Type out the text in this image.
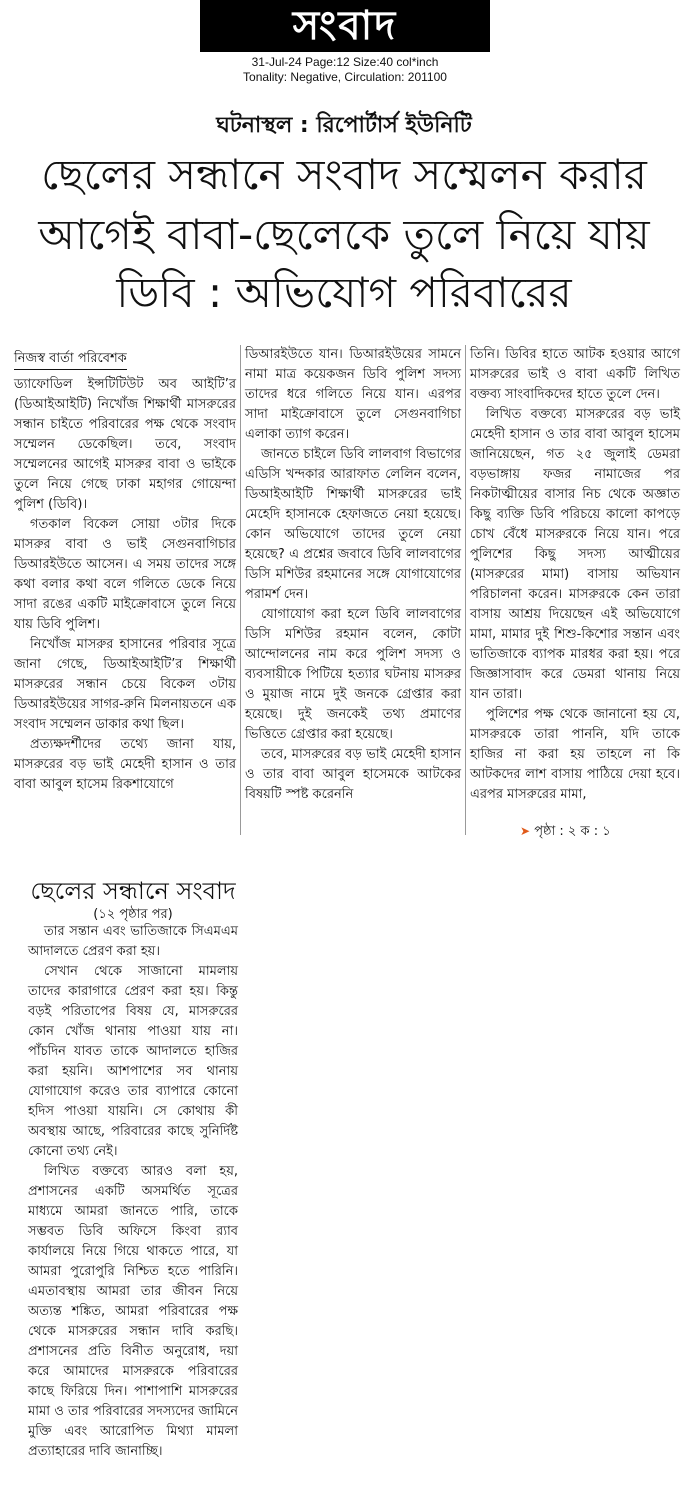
সংবাদ
31-Jul-24 Page:12 Size:40 col*inch
Tonality: Negative, Circulation: 201100
ঘটনাস্থল : রিপোর্টার্স ইউনিটি
ছেলের সন্ধানে সংবাদ সম্মেলন করার
আগেই বাবা-ছেলেকে তুলে নিয়ে যায়
ডিবি : অভিযোগ পরিবারের
নিজস্ব বার্তা পরিবেশক

ড্যাফোডিল ইন্সটিটিউট অব আইটি’র (ডিআইআইটি) নিখোঁজ শিক্ষার্থী মাসরুরের সন্ধান চাইতে পরিবারের পক্ষ থেকে সংবাদ সম্মেলন ডেকেছিল। তবে, সংবাদ সম্মেলনের আগেই মাসরুর বাবা ও ভাইকে তুলে নিয়ে গেছে ঢাকা মহাগর গোয়েন্দা পুলিশ (ডিবি)।

গতকাল বিকেল সোয়া ৩টার দিকে মাসরুর বাবা ও ভাই সেগুনবাগিচার ডিআরইউতে আসেন। এ সময় তাদের সঙ্গে কথা বলার কথা বলে গলিতে ডেকে নিয়ে সাদা রঙের একটি মাইক্রোবাসে তুলে নিয়ে যায় ডিবি পুলিশ।

নিখোঁজ মাসরুর হাসানের পরিবার সূত্রে জানা গেছে, ডিআইআইটি’র শিক্ষার্থী মাসরুরের সন্ধান চেয়ে বিকেল ৩টায় ডিআরইউয়ের সাগর-রুনি মিলনায়তনে এক সংবাদ সম্মেলন ডাকার কথা ছিল।

প্রত্যক্ষদর্শীদের তথ্যে জানা যায়, মাসরুরের বড় ভাই মেহেদী হাসান ও তার বাবা আবুল হাসেম রিকশাযোগে

ডিআরইউতে যান। ডিআরইউয়ের সামনে নামা মাত্র কয়েকজন ডিবি পুলিশ সদস্য তাদের ধরে গলিতে নিয়ে যান। এরপর সাদা মাইক্রোবাসে তুলে সেগুনবাগিচা এলাকা ত্যাগ করেন।

জানতে চাইলে ডিবি লালবাগ বিভাগের এডিসি খন্দকার আরাফাত লেলিন বলেন, ডিআইআইটি শিক্ষার্থী মাসরুরের ভাই মেহেদি হাসানকে হেফাজতে নেয়া হয়েছে। কোন অভিযোগে তাদের তুলে নেয়া হয়েছে? এ প্রশ্নের জবাবে ডিবি লালবাগের ডিসি মশিউর রহমানের সঙ্গে যোগাযোগের পরামর্শ দেন।

যোগাযোগ করা হলে ডিবি লালবাগের ডিসি মশিউর রহমান বলেন, কোটা আন্দোলনের নাম করে পুলিশ সদস্য ও ব্যবসায়ীকে পিটিয়ে হত্যার ঘটনায় মাসরুর ও মুয়াজ নামে দুই জনকে গ্রেপ্তার করা হয়েছে। দুই জনকেই তথ্য প্রমাণের ভিত্তিতে গ্রেপ্তার করা হয়েছে।

তবে, মাসরুরের বড় ভাই মেহেদী হাসান ও তার বাবা আবুল হাসেমকে আটকের বিষয়টি স্পষ্ট করেননি

তিনি। ডিবির হাতে আটক হওয়ার আগে মাসরুরের ভাই ও বাবা একটি লিখিত বক্তব্য সাংবাদিকদের হাতে তুলে দেন।

লিখিত বক্তব্যে মাসরুরের বড় ভাই মেহেদী হাসান ও তার বাবা আবুল হাসেম জানিয়েছেন, গত ২৫ জুলাই ডেমরা বড়ভাঙ্গায় ফজর নামাজের পর নিকটাত্মীয়ের বাসার নিচ থেকে অজ্ঞাত কিছু ব্যক্তি ডিবি পরিচয়ে কালো কাপড়ে চোখ বেঁধে মাসরুরকে নিয়ে যান। পরে পুলিশের কিছু সদস্য আত্মীয়ের (মাসরুরের মামা) বাসায় অভিযান পরিচালনা করেন। মাসরুরকে কেন তারা বাসায় আশ্রয় দিয়েছেন এই অভিযোগে মামা, মামার দুই শিশু-কিশোর সন্তান এবং ভাতিজাকে ব্যাপক মারধর করা হয়। পরে জিজ্ঞাসাবাদ করে ডেমরা থানায় নিয়ে যান তারা।

পুলিশের পক্ষ থেকে জানানো হয় যে, মাসরুরকে তারা পাননি, যদি তাকে হাজির না করা হয় তাহলে না কি আটকদের লাশ বাসায় পাঠিয়ে দেয়া হবে। এরপর মাসরুরের মামা,

➤ পৃষ্ঠা : ২ ক : ১
ছেলের সন্ধানে সংবাদ
(১২ পৃষ্ঠার পর)

তার সন্তান এবং ভাতিজাকে সিএমএম আদালতে প্রেরণ করা হয়।

সেখান থেকে সাজানো মামলায় তাদের কারাগারে প্রেরণ করা হয়। কিন্তু বড়ই পরিতাপের বিষয় যে, মাসরুরের কোন খোঁজ থানায় পাওয়া যায় না। পাঁচদিন যাবত তাকে আদালতে হাজির করা হয়নি। আশপাশের সব থানায় যোগাযোগ করেও তার ব্যাপারে কোনো হদিস পাওয়া যায়নি। সে কোথায় কী অবস্থায় আছে, পরিবারের কাছে সুনির্দিষ্ট কোনো তথ্য নেই।

লিখিত বক্তব্যে আরও বলা হয়, প্রশাসনের একটি অসমর্থিত সূত্রের মাধ্যমে আমরা জানতে পারি, তাকে সম্ভবত ডিবি অফিসে কিংবা র‍্যাব কার্যালয়ে নিয়ে গিয়ে থাকতে পারে, যা আমরা পুরোপুরি নিশ্চিত হতে পারিনি। এমতাবস্থায় আমরা তার জীবন নিয়ে অত্যন্ত শঙ্কিত, আমরা পরিবারের পক্ষ থেকে মাসরুরের সন্ধান দাবি করছি। প্রশাসনের প্রতি বিনীত অনুরোধ, দয়া করে আমাদের মাসরুরকে পরিবারের কাছে ফিরিয়ে দিন। পাশাপাশি মাসরুরের মামা ও তার পরিবারের সদস্যদের জামিনে মুক্তি এবং আরোপিত মিথ্যা মামলা প্রত্যাহারের দাবি জানাচ্ছি।
